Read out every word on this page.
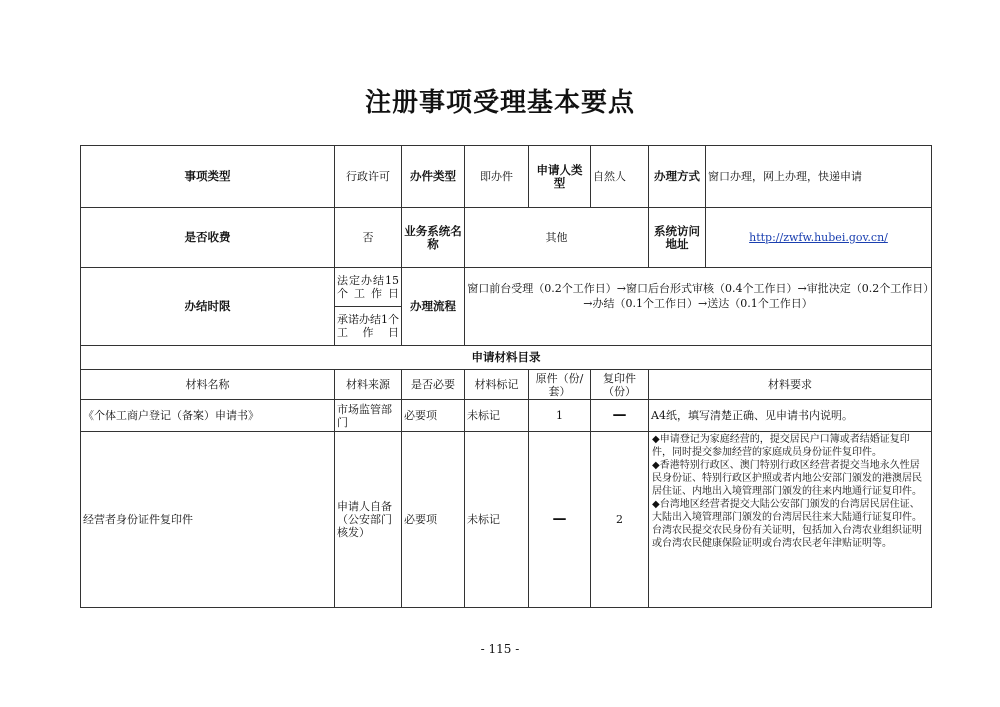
注册事项受理基本要点
事项类型	行政许可	办件类型	即办件	申请人类型	自然人	办理方式	窗口办理，网上办理，快递申请
是否收费	否	业务系统名称	其他			系统访问地址	http://zwfw.hubei.gov.cn/
办结时限	法定办结15个工作日	办理流程	窗口前台受理（0.2个工作日）→窗口后台形式审核（0.4个工作日）→审批决定（0.2个工作日）→办结（0.1个工作日）→送达（0.1个工作日）				
	承诺办结1个工作日						
申请材料目录							
材料名称	材料来源	是否必要	材料标记	原件（份/套）	复印件（份）	材料要求	
《个体工商户登记（备案）申请书》	市场监管部门	必要项	未标记	1	—	A4纸，填写清楚正确、见申请书内说明。	
经营者身份证件复印件	申请人自备（公安部门核发）	必要项	未标记	—	2	◆申请登记为家庭经营的，提交居民户口簿或者结婚证复印件，同时提交参加经营的家庭成员身份证件复印件。
◆香港特别行政区、澳门特别行政区经营者提交当地永久性居民身份证、特别行政区护照或者内地公安部门颁发的港澳居民居住证、内地出入境管理部门颁发的往来内地通行证复印件。
◆台湾地区经营者提交大陆公安部门颁发的台湾居民居住证、大陆出入境管理部门颁发的台湾居民往来大陆通行证复印件。台湾农民提交农民身份有关证明，包括加入台湾农业组织证明或台湾农民健康保险证明或台湾农民老年津贴证明等。	
- 115 -
